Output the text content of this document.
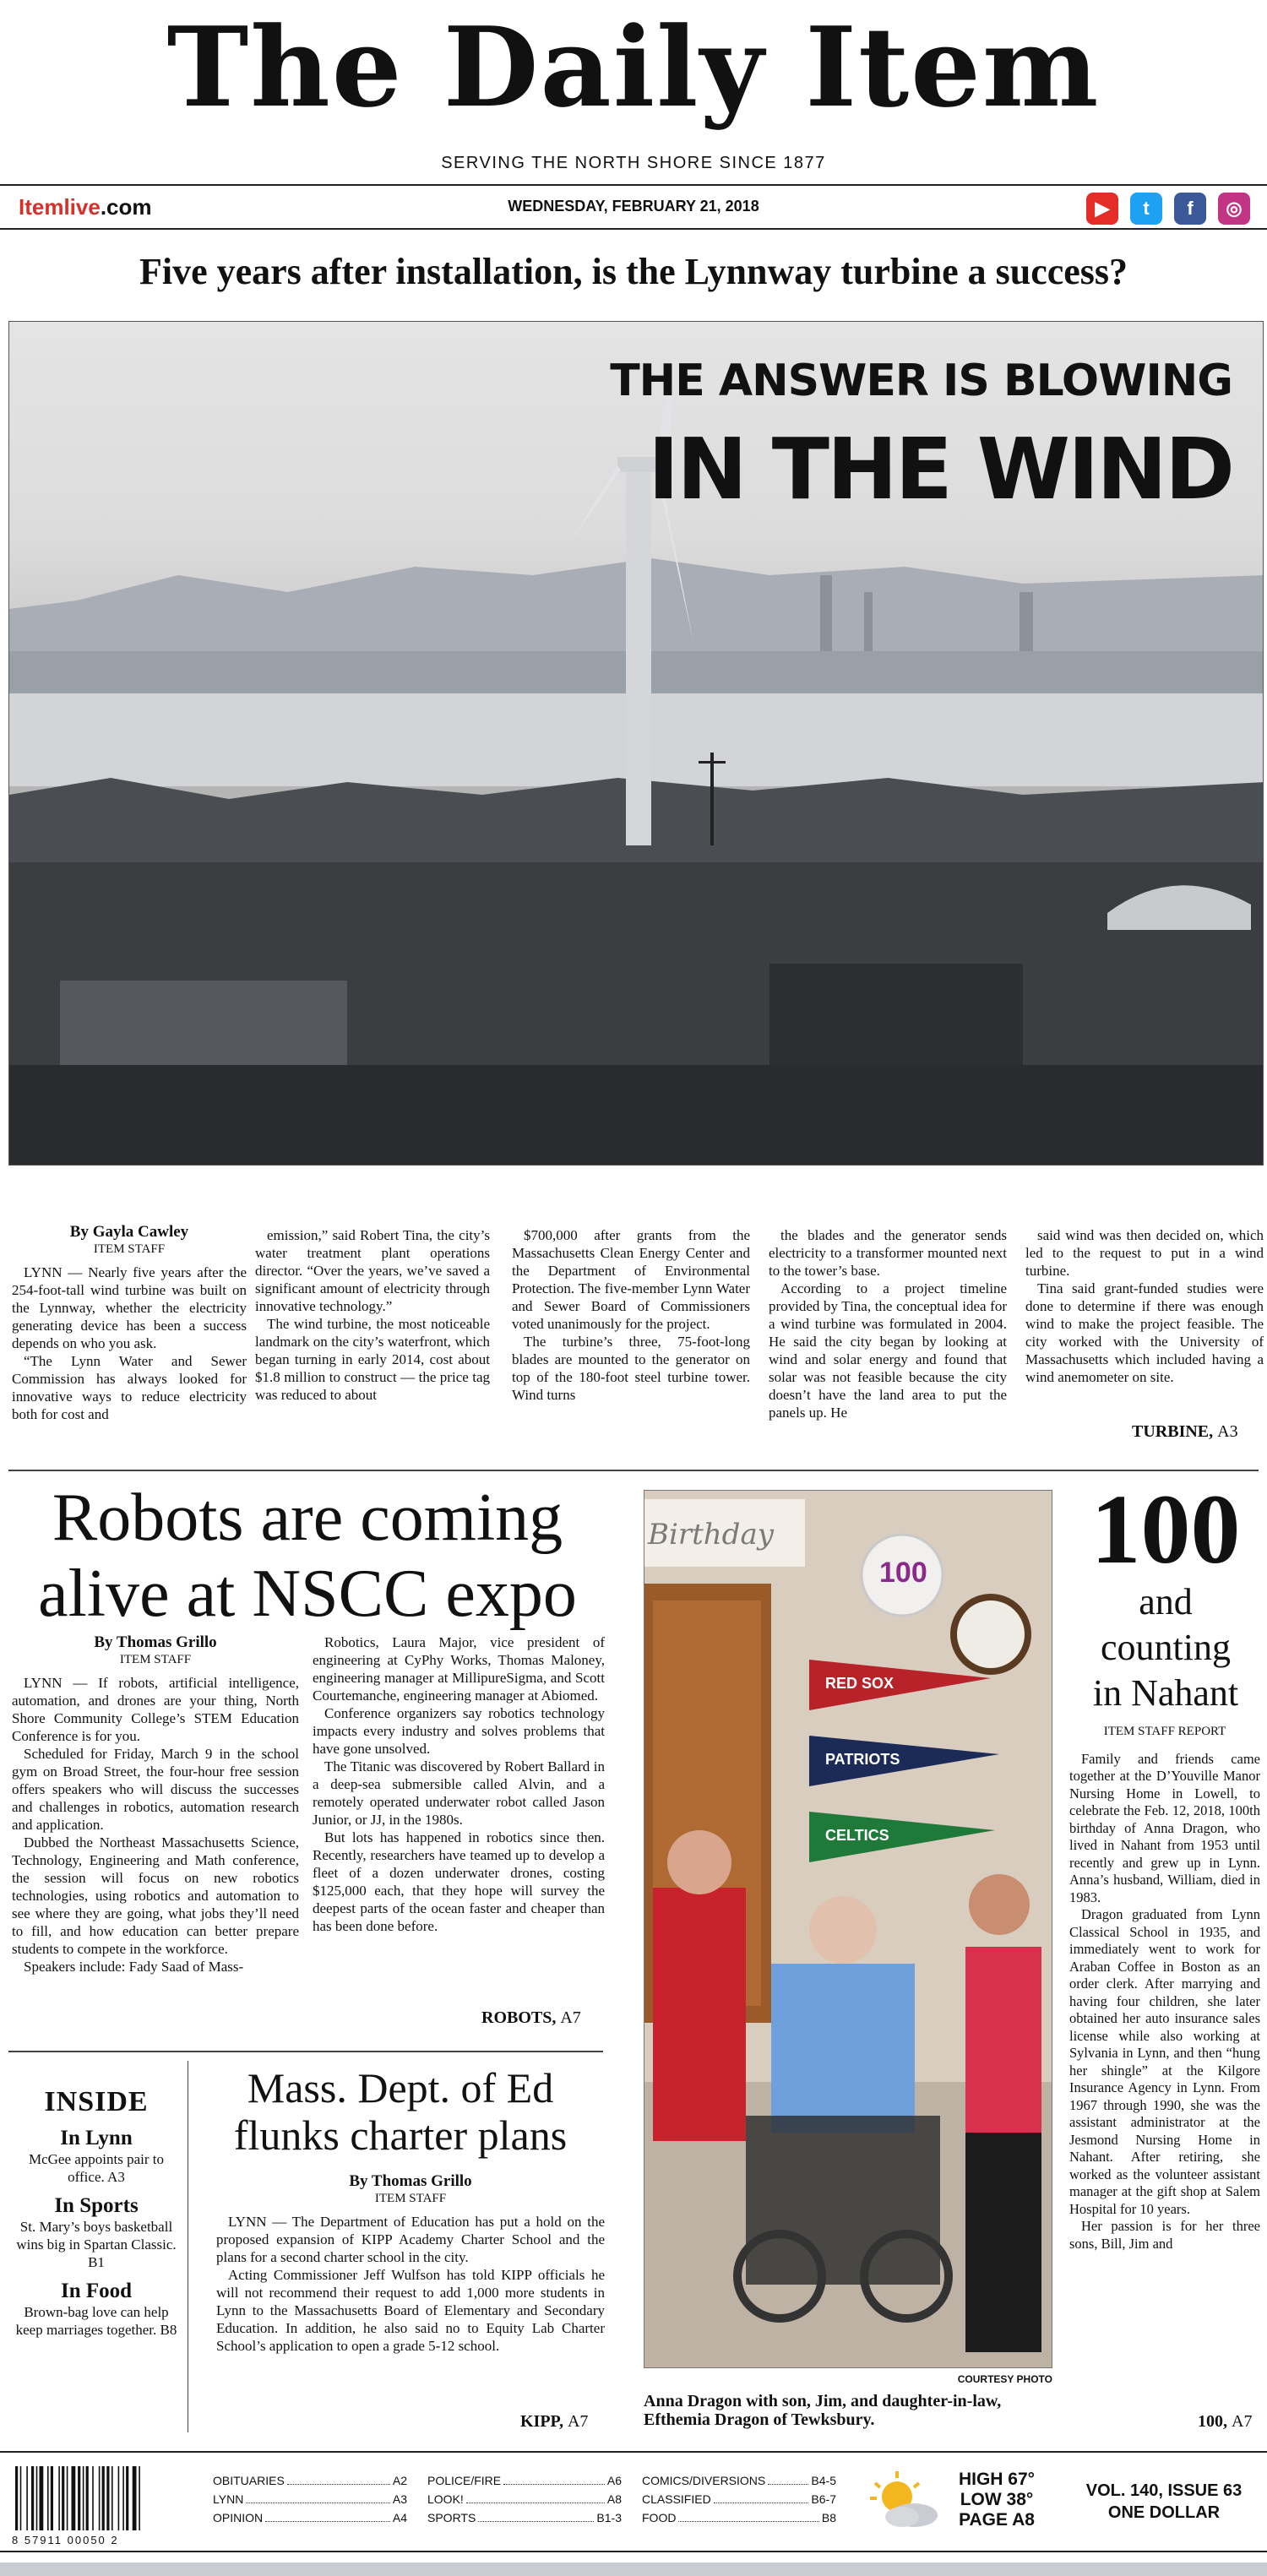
The Daily Item
SERVING THE NORTH SHORE SINCE 1877
Itemlive.com	WEDNESDAY, FEBRUARY 21, 2018	▶	t	f	◎
Five years after installation, is the Lynnway turbine a success?
THE ANSWER IS BLOWING
IN THE WIND
By Gayla Cawley
ITEM STAFF

LYNN — Nearly five years after the 254-foot-tall wind turbine was built on the Lynnway, whether the electricity generating device has been a success depends on who you ask.

“The Lynn Water and Sewer Commission has always looked for innovative ways to reduce electricity both for cost and

emission,” said Robert Tina, the city’s water treatment plant operations director. “Over the years, we’ve saved a significant amount of electricity through innovative technology.”

The wind turbine, the most noticeable landmark on the city’s waterfront, which began turning in early 2014, cost about $1.8 million to construct — the price tag was reduced to about

$700,000 after grants from the Massachusetts Clean Energy Center and the Department of Environmental Protection. The five-member Lynn Water and Sewer Board of Commissioners voted unanimously for the project.

The turbine’s three, 75-foot-long blades are mounted to the generator on top of the 180-foot steel turbine tower. Wind turns

the blades and the generator sends electricity to a transformer mounted next to the tower’s base.

According to a project timeline provided by Tina, the conceptual idea for a wind turbine was formulated in 2004. He said the city began by looking at wind and solar energy and found that solar was not feasible because the city doesn’t have the land area to put the panels up. He

said wind was then decided on, which led to the request to put in a wind turbine.

Tina said grant-funded studies were done to determine if there was enough wind to make the project feasible. The city worked with the University of Massachusetts which included having a wind anemometer on site.

TURBINE, A3
Robots are coming alive at NSCC expo
By Thomas Grillo
ITEM STAFF

LYNN — If robots, artificial intelligence, automation, and drones are your thing, North Shore Community College’s STEM Education Conference is for you.

Scheduled for Friday, March 9 in the school gym on Broad Street, the four-hour free session offers speakers who will discuss the successes and challenges in robotics, automation research and application.

Dubbed the Northeast Massachusetts Science, Technology, Engineering and Math conference, the session will focus on new robotics technologies, using robotics and automation to see where they are going, what jobs they’ll need to fill, and how education can better prepare students to compete in the workforce.

Speakers include: Fady Saad of Mass-

Robotics, Laura Major, vice president of engineering at CyPhy Works, Thomas Maloney, engineering manager at MillipureSigma, and Scott Courtemanche, engineering manager at Abiomed.

Conference organizers say robotics technology impacts every industry and solves problems that have gone unsolved.

The Titanic was discovered by Robert Ballard in a deep-sea submersible called Alvin, and a remotely operated underwater robot called Jason Junior, or JJ, in the 1980s.

But lots has happened in robotics since then. Recently, researchers have teamed up to develop a fleet of a dozen underwater drones, costing $125,000 each, that they hope will survey the deepest parts of the ocean faster and cheaper than has been done before.

ROBOTS, A7
INSIDE
In Lynn
McGee appoints pair to office. A3
In Sports
St. Mary’s boys basketball wins big in Spartan Classic. B1
In Food
Brown-bag love can help keep marriages together. B8
Mass. Dept. of Ed flunks charter plans
By Thomas Grillo
ITEM STAFF

LYNN — The Department of Education has put a hold on the proposed expansion of KIPP Academy Charter School and the plans for a second charter school in the city.

Acting Commissioner Jeff Wulfson has told KIPP officials he will not recommend their request to add 1,000 more students in Lynn to the Massachusetts Board of Elementary and Secondary Education. In addition, he also said no to Equity Lab Charter School’s application to open a grade 5-12 school.

KIPP, A7
Birthday
100
RED SOX
PATRIOTS
CELTICS
COURTESY PHOTO
Anna Dragon with son, Jim, and daughter-in-law, Efthemia Dragon of Tewksbury.
100
and
counting
in Nahant
ITEM STAFF REPORT

Family and friends came together at the D’Youville Manor Nursing Home in Lowell, to celebrate the Feb. 12, 2018, 100th birthday of Anna Dragon, who lived in Nahant from 1953 until recently and grew up in Lynn. Anna’s husband, William, died in 1983.

Dragon graduated from Lynn Classical School in 1935, and immediately went to work for Araban Coffee in Boston as an order clerk. After marrying and having four children, she later obtained her auto insurance sales license while also working at Sylvania in Lynn, and then “hung her shingle” at the Kilgore Insurance Agency in Lynn. From 1967 through 1990, she was the assistant administrator at the Jesmond Nursing Home in Nahant. After retiring, she worked as the volunteer assistant manager at the gift shop at Salem Hospital for 10 years.

Her passion is for her three sons, Bill, Jim and

100, A7
8 57911 00050 2
OBITUARIES	A2
LYNN	A3
OPINION	A4
POLICE/FIRE	A6
LOOK!	A8
SPORTS	B1-3
COMICS/DIVERSIONS	B4-5
CLASSIFIED	B6-7
FOOD	B8
HIGH 67°
LOW 38°
PAGE A8
VOL. 140, ISSUE 63
ONE DOLLAR
